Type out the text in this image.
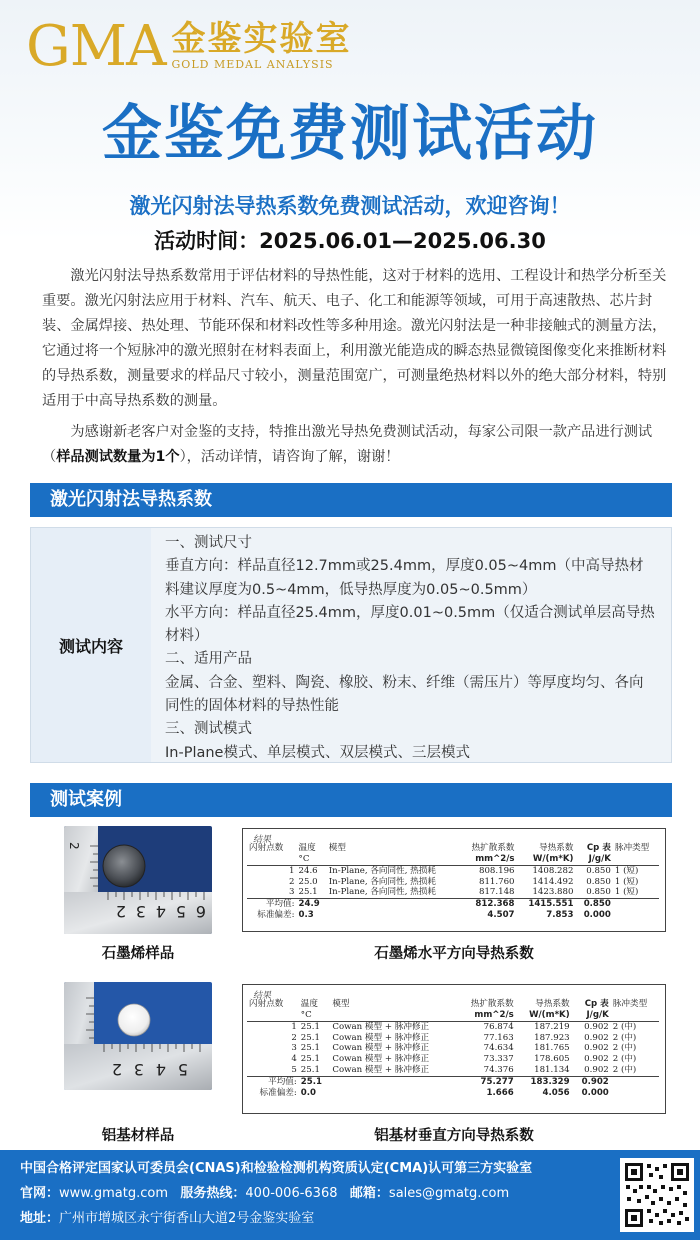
GMA 金鉴实验室
GOLD MEDAL ANALYSIS
金鉴免费测试活动
激光闪射法导热系数免费测试活动，欢迎咨询！
活动时间：2025.06.01—2025.06.30
激光闪射法导热系数常用于评估材料的导热性能，这对于材料的选用、工程设计和热学分析至关重要。激光闪射法应用于材料、汽车、航天、电子、化工和能源等领域，可用于高速散热、芯片封装、金属焊接、热处理、节能环保和材料改性等多种用途。激光闪射法是一种非接触式的测量方法，它通过将一个短脉冲的激光照射在材料表面上，利用激光能造成的瞬态热显微镜图像变化来推断材料的导热系数，测量要求的样品尺寸较小，测量范围宽广，可测量绝热材料以外的绝大部分材料，特别适用于中高导热系数的测量。
为感谢新老客户对金鉴的支持，特推出激光导热免费测试活动，每家公司限一款产品进行测试（样品测试数量为1个），活动详情，请咨询了解，谢谢！
激光闪射法导热系数
测试内容
一、测试尺寸
垂直方向：样品直径12.7mm或25.4mm，厚度0.05~4mm（中高导热材料建议厚度为0.5~4mm，低导热厚度为0.05~0.5mm）
水平方向：样品直径25.4mm，厚度0.01~0.5mm（仅适合测试单层高导热材料）
二、适用产品
金属、合金、塑料、陶瓷、橡胶、粉末、纤维（需压片）等厚度均匀、各向同性的固体材料的导热性能
三、测试模式
In-Plane模式、单层模式、双层模式、三层模式
测试案例
2
2 3 4 5 6
石墨烯样品
结果
闪射点数	温度	模型	热扩散系数	导热系数	Cp 表	脉冲类型
	°C		mm^2/s	W/(m*K)	J/g/K	
1	24.6	In-Plane, 各向同性, 热损耗	808.196	1408.282	0.850	1 (短)
2	25.0	In-Plane, 各向同性, 热损耗	811.760	1414.492	0.850	1 (短)
3	25.1	In-Plane, 各向同性, 热损耗	817.148	1423.880	0.850	1 (短)
平均值:	24.9		812.368	1415.551	0.850	
标准偏差:	0.3		4.507	7.853	0.000	
石墨烯水平方向导热系数
2 3 4 5
铝基材样品
结果
闪射点数	温度	模型	热扩散系数	导热系数	Cp 表	脉冲类型
	°C		mm^2/s	W/(m*K)	J/g/K	
1	25.1	Cowan 模型 + 脉冲修正	76.874	187.219	0.902	2 (中)
2	25.1	Cowan 模型 + 脉冲修正	77.163	187.923	0.902	2 (中)
3	25.1	Cowan 模型 + 脉冲修正	74.634	181.765	0.902	2 (中)
4	25.1	Cowan 模型 + 脉冲修正	73.337	178.605	0.902	2 (中)
5	25.1	Cowan 模型 + 脉冲修正	74.376	181.134	0.902	2 (中)
平均值:	25.1		75.277	183.329	0.902	
标准偏差:	0.0		1.666	4.056	0.000	
铝基材垂直方向导热系数
中国合格评定国家认可委员会(CNAS)和检验检测机构资质认定(CMA)认可第三方实验室
官网：www.gmatg.com 服务热线：400-006-6368 邮箱：sales@gmatg.com
地址：广州市增城区永宁街香山大道2号金鉴实验室
